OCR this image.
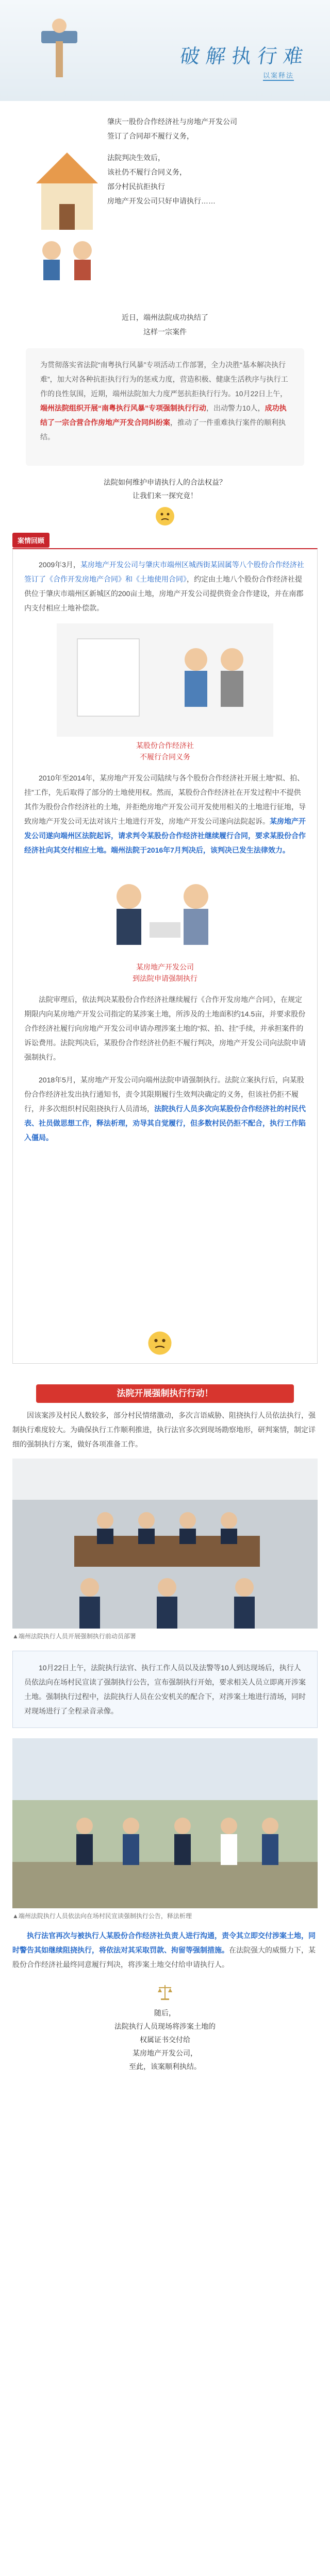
破解执行难
以案释法
肇庆一股份合作经济社与房地产开发公司
签订了合同却不履行义务，
法院判决生效后，
该社仍不履行合同义务，
部分村民抗拒执行
房地产开发公司只好申请执行……
近日，端州法院成功执结了
这样一宗案件

为贯彻落实省法院“南粤执行风暴”专项活动工作部署，全力决胜“基本解决执行难”，加大对各种抗拒执行行为的惩戒力度，营造积极、健康生活秩序与执行工作的良性氛围，近期，端州法院加大力度严惩抗拒执行行为。10月22日上午，端州法院组织开展“南粤执行风暴”专项强制执行行动，出动警力10人，成功执结了一宗合营合作房地产开发合同纠纷案，推动了一件重难执行案件的顺利执结。

法院如何维护申请执行人的合法权益？
让我们来一探究竟！
案情回顾

2009年3月，某房地产开发公司与肇庆市端州区城西街某固属等八个股份合作经济社签订了《合作开发房地产合同》和《土地使用合同》，约定由土地八个股份合作经济社提供位于肇庆市端州区新城区的200亩土地，房地产开发公司提供资金合作建设，并在南郡内支付相应土地补偿款。

某股份合作经济社
不履行合同义务

2010年至2014年，某房地产开发公司陆续与各个股份合作经济社开展土地“拟、拍、挂”工作，先后取得了部分的土地使用权。然而，某股份合作经济社在开发过程中不提供其作为股份合作经济社的土地，并拒绝房地产开发公司开发使用相关的土地进行征地，导致房地产开发公司无法对该片土地进行开发，房地产开发公司遂向法院起诉。某房地产开发公司遂向端州区法院起诉，请求判令某股份合作经济社继续履行合同，要求某股份合作经济社向其交付相应土地。端州法院于2016年7月判决后，该判决已发生法律效力。

某房地产开发公司
到法院申请强制执行

法院审理后，依法判决某股份合作经济社继续履行《合作开发房地产合同》，在规定期限内向某房地产开发公司指定的某涉案土地，所涉及的土地面积约14.5亩，并要求股份合作经济社履行向房地产开发公司申请办理涉案土地的“拟、拍、挂”手续，并承担案件的诉讼费用。法院判决后，某股份合作经济社仍拒不履行判决，房地产开发公司向法院申请强制执行。

2018年5月，某房地产开发公司向端州法院申请强制执行。法院立案执行后，向某股份合作经济社发出执行通知书，责令其限期履行生效判决确定的义务，但该社仍拒不履行，并多次组织村民阻挠执行人员清场，法院执行人员多次向某股份合作经济社的村民代表、社员做思想工作，释法析理，劝导其自觉履行，但多数村民仍拒不配合，执行工作陷入僵局。

法院开展强制执行行动！

因该案涉及村民人数较多，部分村民情绪激动，多次言语威胁、阻挠执行人员依法执行，强制执行难度较大。为确保执行工作顺利推进，执行法官多次到现场勘察地形，研判案情，制定详细的强制执行方案，做好各项准备工作。

▲端州法院执行人员开展强制执行前动员部署

10月22日上午，法院执行法官、执行工作人员以及法警等10人到达现场后，执行人员依法向在场村民宣读了强制执行公告，宣布强制执行开始，要求相关人员立即离开涉案土地。强制执行过程中，法院执行人员在公安机关的配合下，对涉案土地进行清场，同时对现场进行了全程录音录像。

▲端州法院执行人员依法向在场村民宣读强制执行公告，释法析理

执行法官再次与被执行人某股份合作经济社负责人进行沟通，责令其立即交付涉案土地，同时警告其如继续阻挠执行，将依法对其采取罚款、拘留等强制措施。在法院强大的威慑力下，某股份合作经济社最终同意履行判决，将涉案土地交付给申请执行人。

随后，
法院执行人员现场将涉案土地的
权属证书交付给
某房地产开发公司，
至此，该案顺利执结。
